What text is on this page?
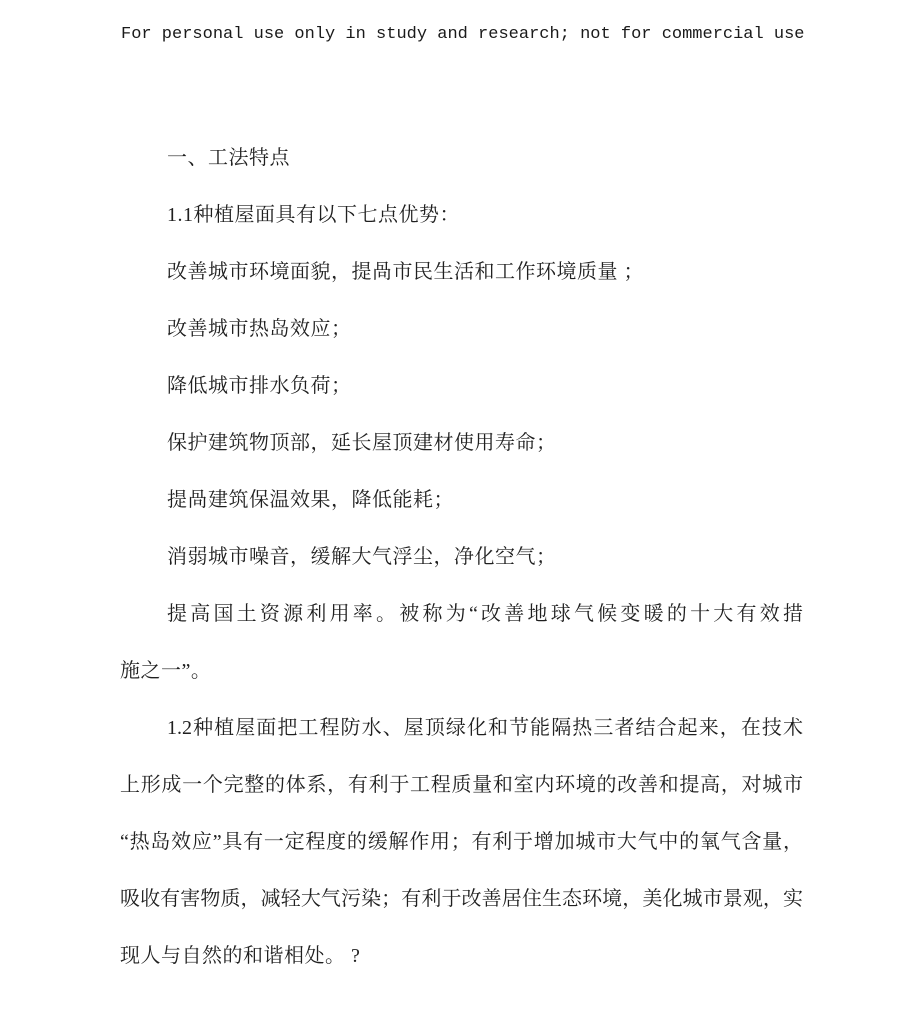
For personal use only in study and research; not for commercial use
一、工法特点
1.1种植屋面具有以下七点优势：
改善城市环境面貌，提咼市民生活和工作环境质量 ；
改善城市热岛效应；
降低城市排水负荷；
保护建筑物顶部，延长屋顶建材使用寿命；
提咼建筑保温效果，降低能耗；
消弱城市噪音，缓解大气浮尘，净化空气；
提高国土资源利用率。被称为“改善地球气候变暖的十大有效措
施之一”。
1.2种植屋面把工程防水、屋顶绿化和节能隔热三者结合起来，在技术
上形成一个完整的体系，有利于工程质量和室内环境的改善和提高，对城市
“热岛效应”具有一定程度的缓解作用；有利于增加城市大气中的氧气含量，
吸收有害物质，减轻大气污染；有利于改善居住生态环境，美化城市景观，实
现人与自然的和谐相处。 ?
